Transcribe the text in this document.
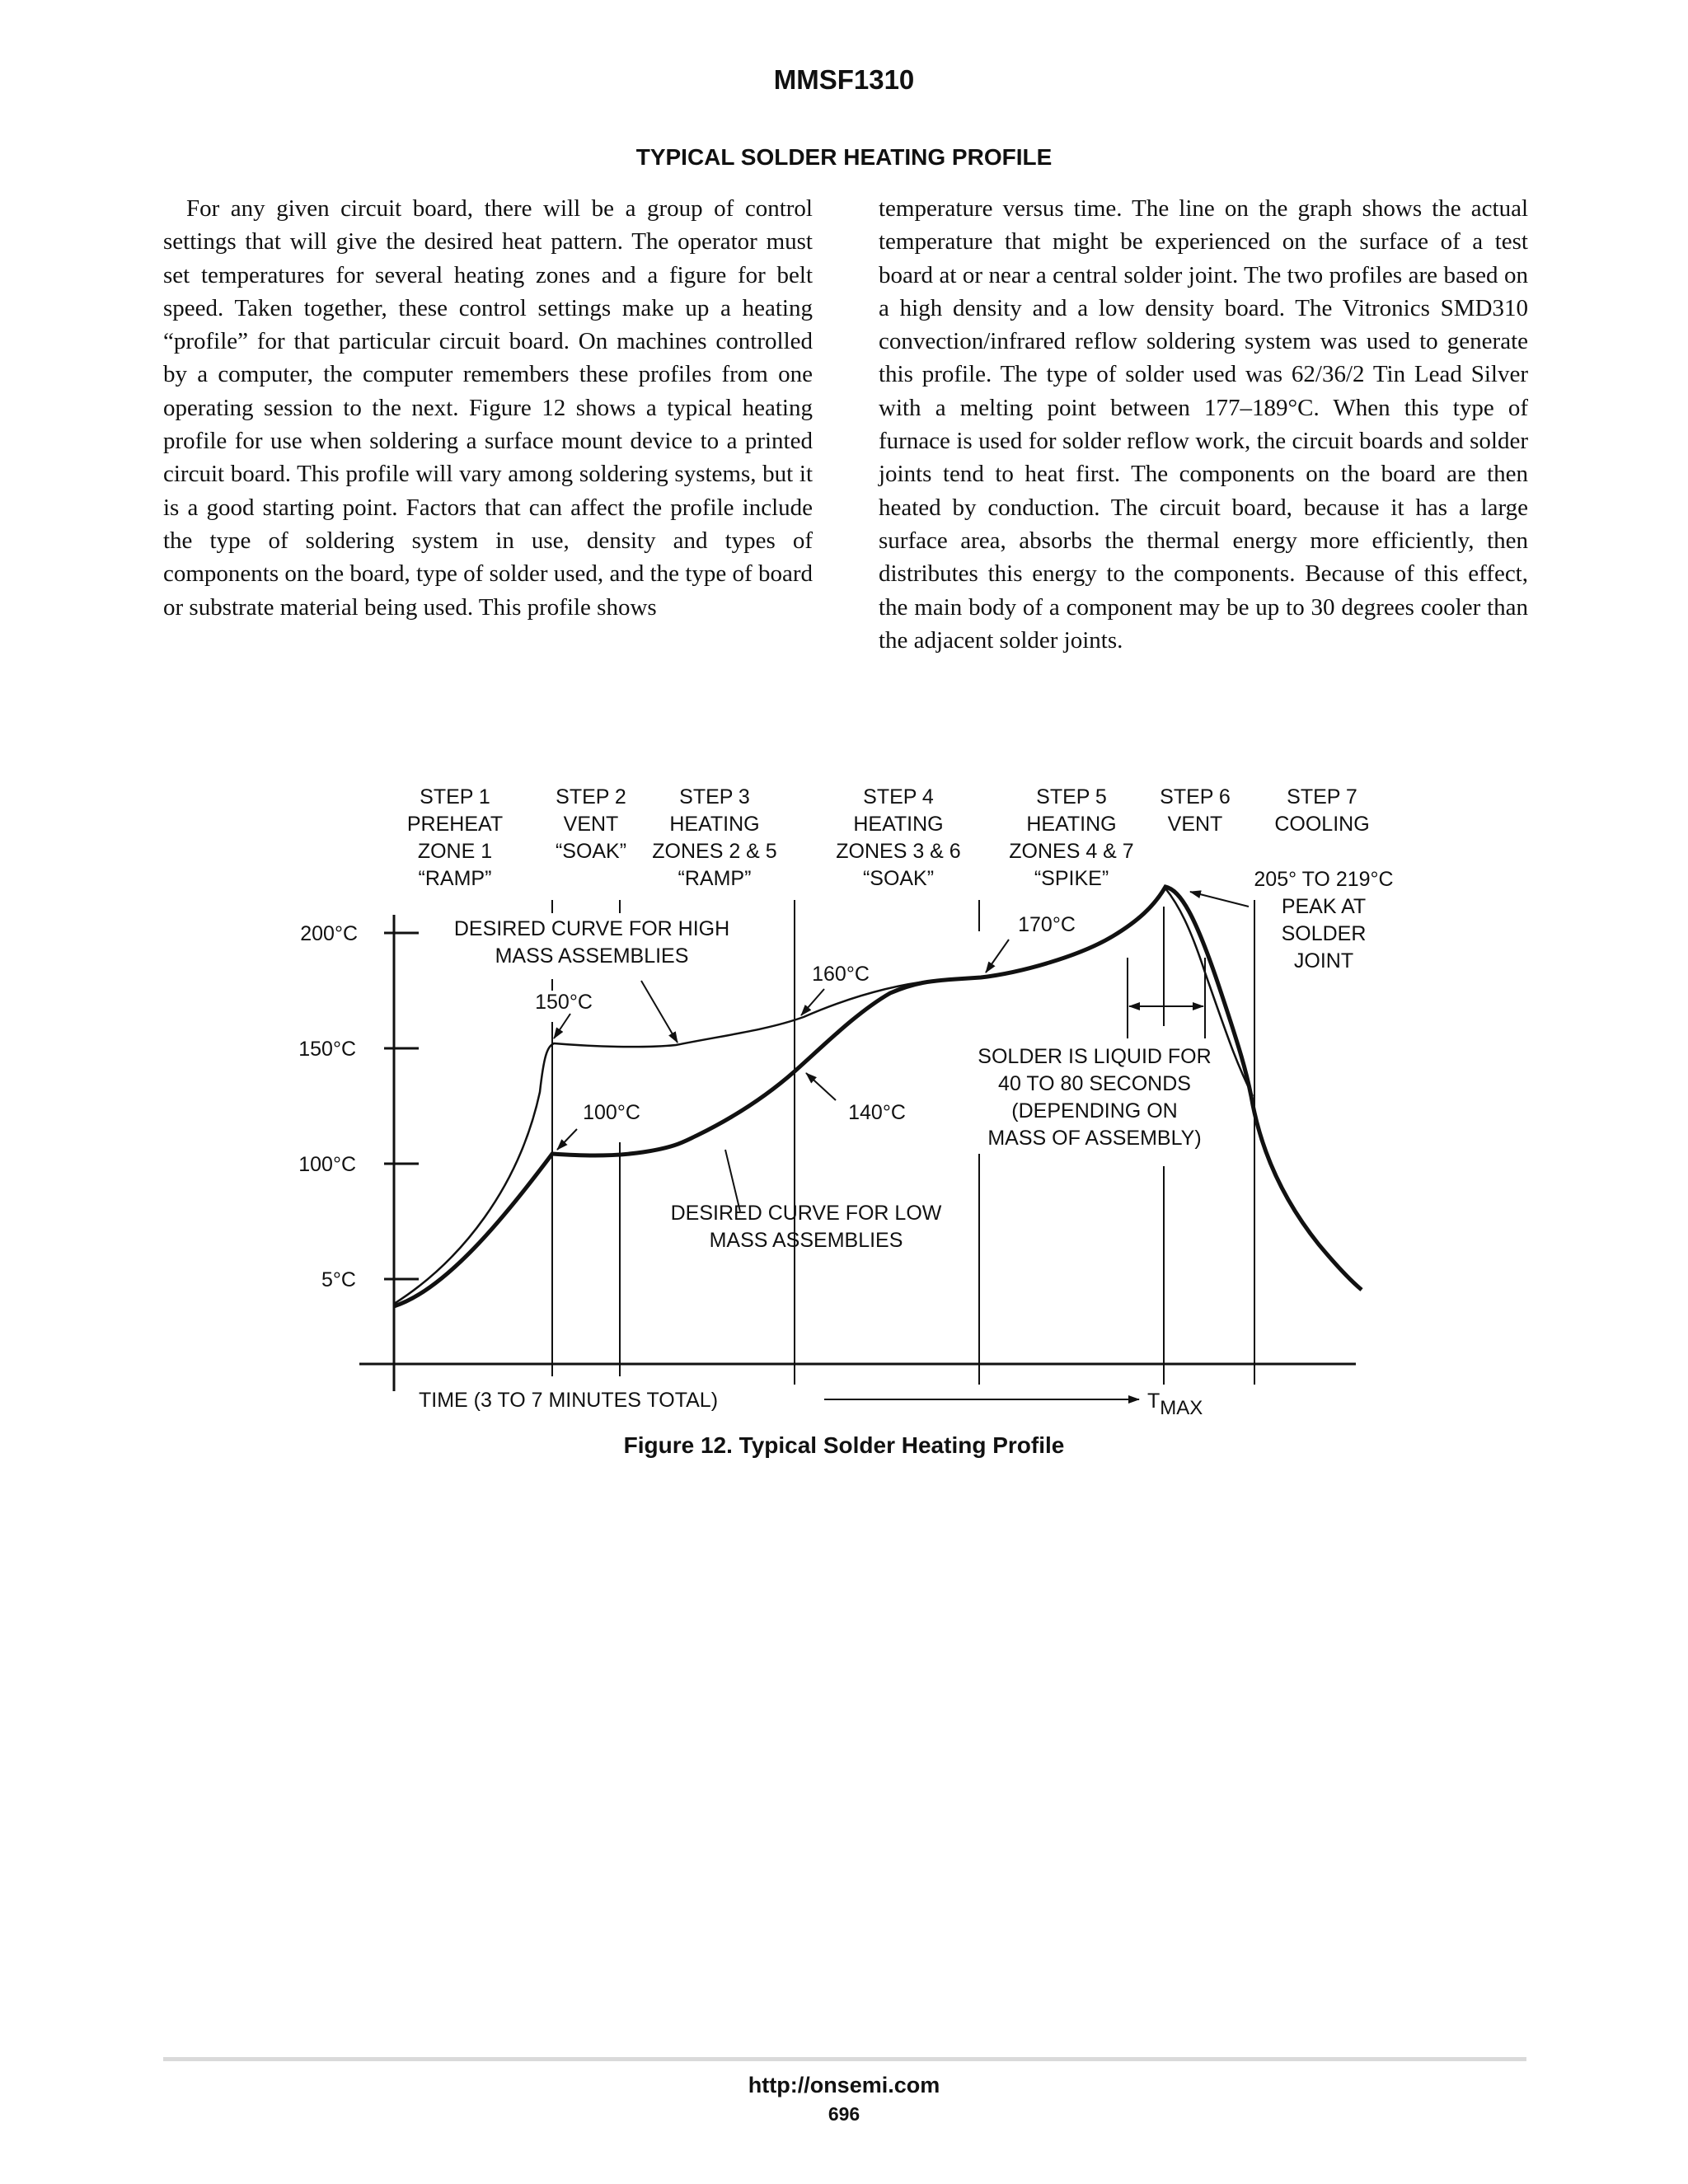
MMSF1310
TYPICAL SOLDER HEATING PROFILE
For any given circuit board, there will be a group of control settings that will give the desired heat pattern. The operator must set temperatures for several heating zones and a figure for belt speed. Taken together, these control settings make up a heating “profile” for that particular circuit board. On machines controlled by a computer, the computer remembers these profiles from one operating session to the next. Figure 12 shows a typical heating profile for use when soldering a surface mount device to a printed circuit board. This profile will vary among soldering systems, but it is a good starting point. Factors that can affect the profile include the type of soldering system in use, density and types of components on the board, type of solder used, and the type of board or substrate material being used. This profile shows
temperature versus time. The line on the graph shows the actual temperature that might be experienced on the surface of a test board at or near a central solder joint. The two profiles are based on a high density and a low density board. The Vitronics SMD310 convection/infrared reflow soldering system was used to generate this profile. The type of solder used was 62/36/2 Tin Lead Silver with a melting point between 177–189°C. When this type of furnace is used for solder reflow work, the circuit boards and solder joints tend to heat first. The components on the board are then heated by conduction. The circuit board, because it has a large surface area, absorbs the thermal energy more efficiently, then distributes this energy to the components. Because of this effect, the main body of a component may be up to 30 degrees cooler than the adjacent solder joints.
STEP 1 PREHEAT ZONE 1 “RAMP”
STEP 2 VENT “SOAK”
STEP 3 HEATING ZONES 2 & 5 “RAMP”
STEP 4 HEATING ZONES 3 & 6 “SOAK”
STEP 5 HEATING ZONES 4 & 7 “SPIKE”
STEP 6 VENT
STEP 7 COOLING
200°C
150°C
100°C
5°C
DESIRED CURVE FOR HIGH MASS ASSEMBLIES
DESIRED CURVE FOR LOW MASS ASSEMBLIES
150°C
100°C
160°C
140°C
170°C
205° TO 219°C PEAK AT SOLDER JOINT
SOLDER IS LIQUID FOR 40 TO 80 SECONDS (DEPENDING ON MASS OF ASSEMBLY)
TIME (3 TO 7 MINUTES TOTAL)	TMAX
Figure 12. Typical Solder Heating Profile
http://onsemi.com
696
